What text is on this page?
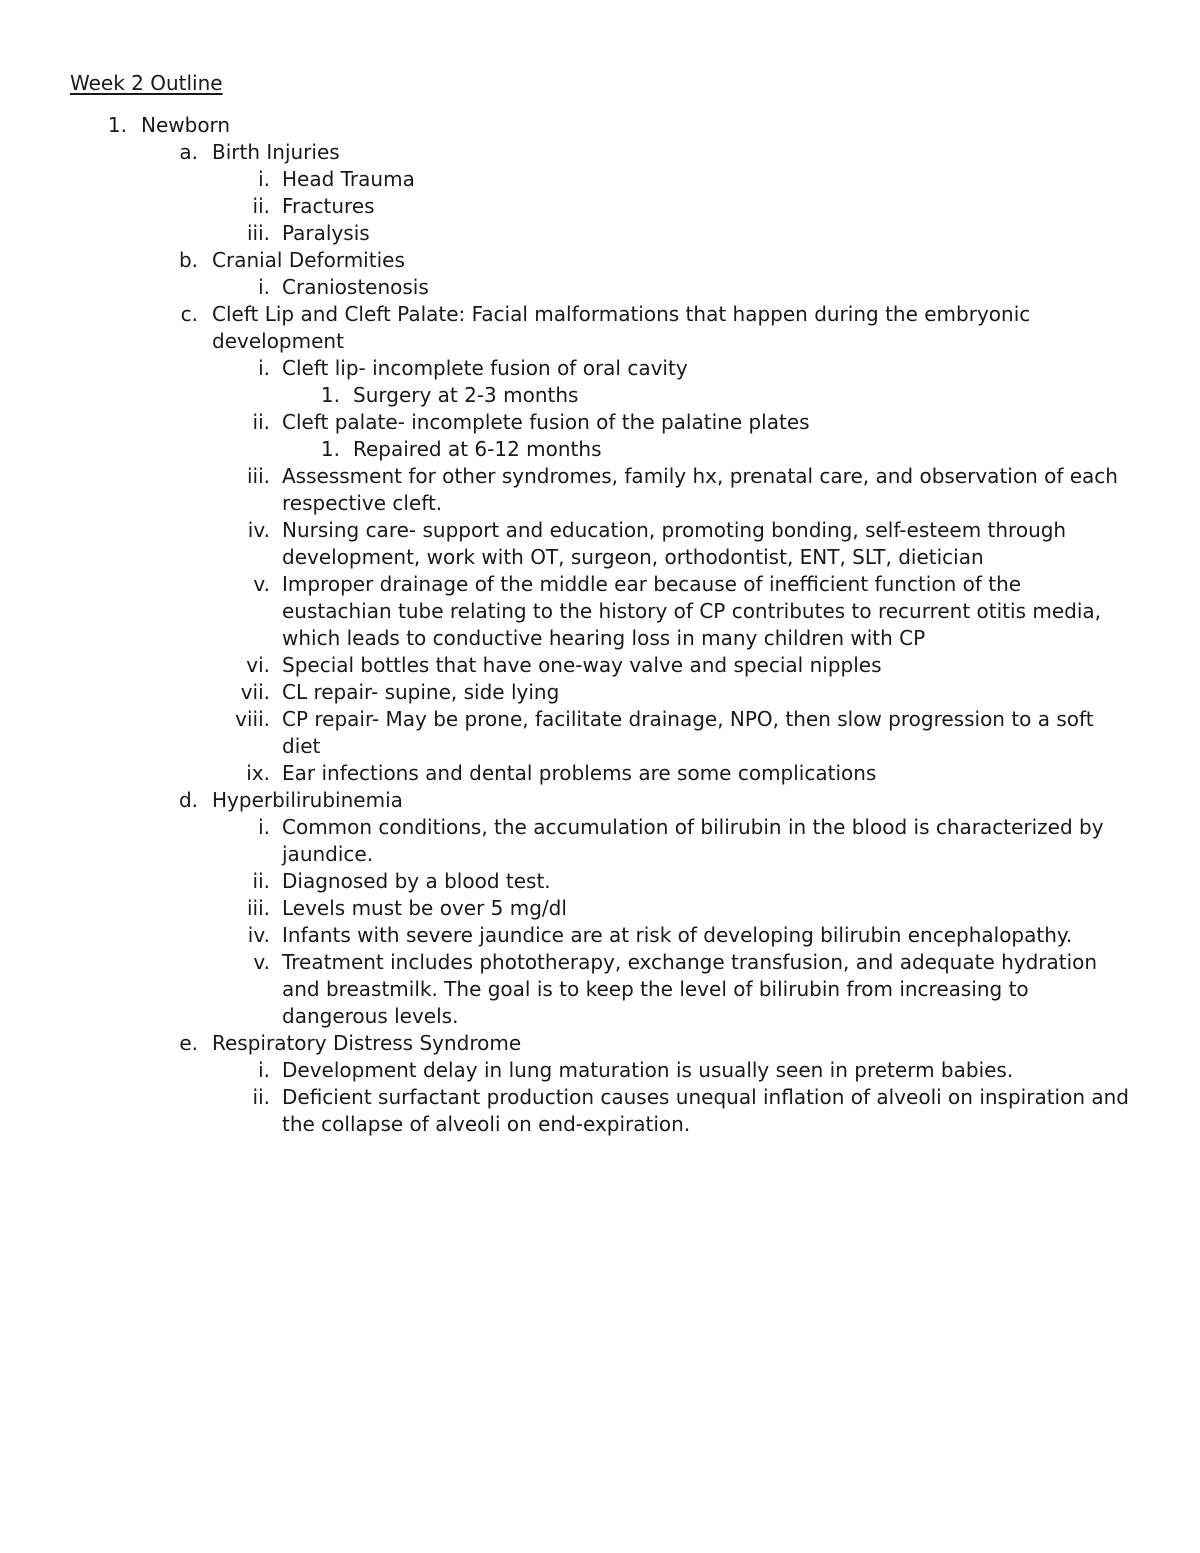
Week 2 Outline
1. Newborn
a. Birth Injuries
i. Head Trauma
ii. Fractures
iii. Paralysis
b. Cranial Deformities
i. Craniostenosis
c. Cleft Lip and Cleft Palate: Facial malformations that happen during the embryonic development
i. Cleft lip- incomplete fusion of oral cavity
1. Surgery at 2-3 months
ii. Cleft palate- incomplete fusion of the palatine plates
1. Repaired at 6-12 months
iii. Assessment for other syndromes, family hx, prenatal care, and observation of each respective cleft.
iv. Nursing care- support and education, promoting bonding, self-esteem through development, work with OT, surgeon, orthodontist, ENT, SLT, dietician
v. Improper drainage of the middle ear because of inefficient function of the eustachian tube relating to the history of CP contributes to recurrent otitis media, which leads to conductive hearing loss in many children with CP
vi. Special bottles that have one-way valve and special nipples
vii. CL repair- supine, side lying
viii. CP repair- May be prone, facilitate drainage, NPO, then slow progression to a soft diet
ix. Ear infections and dental problems are some complications
d. Hyperbilirubinemia
i. Common conditions, the accumulation of bilirubin in the blood is characterized by jaundice.
ii. Diagnosed by a blood test.
iii. Levels must be over 5 mg/dl
iv. Infants with severe jaundice are at risk of developing bilirubin encephalopathy.
v. Treatment includes phototherapy, exchange transfusion, and adequate hydration and breastmilk. The goal is to keep the level of bilirubin from increasing to dangerous levels.
e. Respiratory Distress Syndrome
i. Development delay in lung maturation is usually seen in preterm babies.
ii. Deficient surfactant production causes unequal inflation of alveoli on inspiration and the collapse of alveoli on end-expiration.
